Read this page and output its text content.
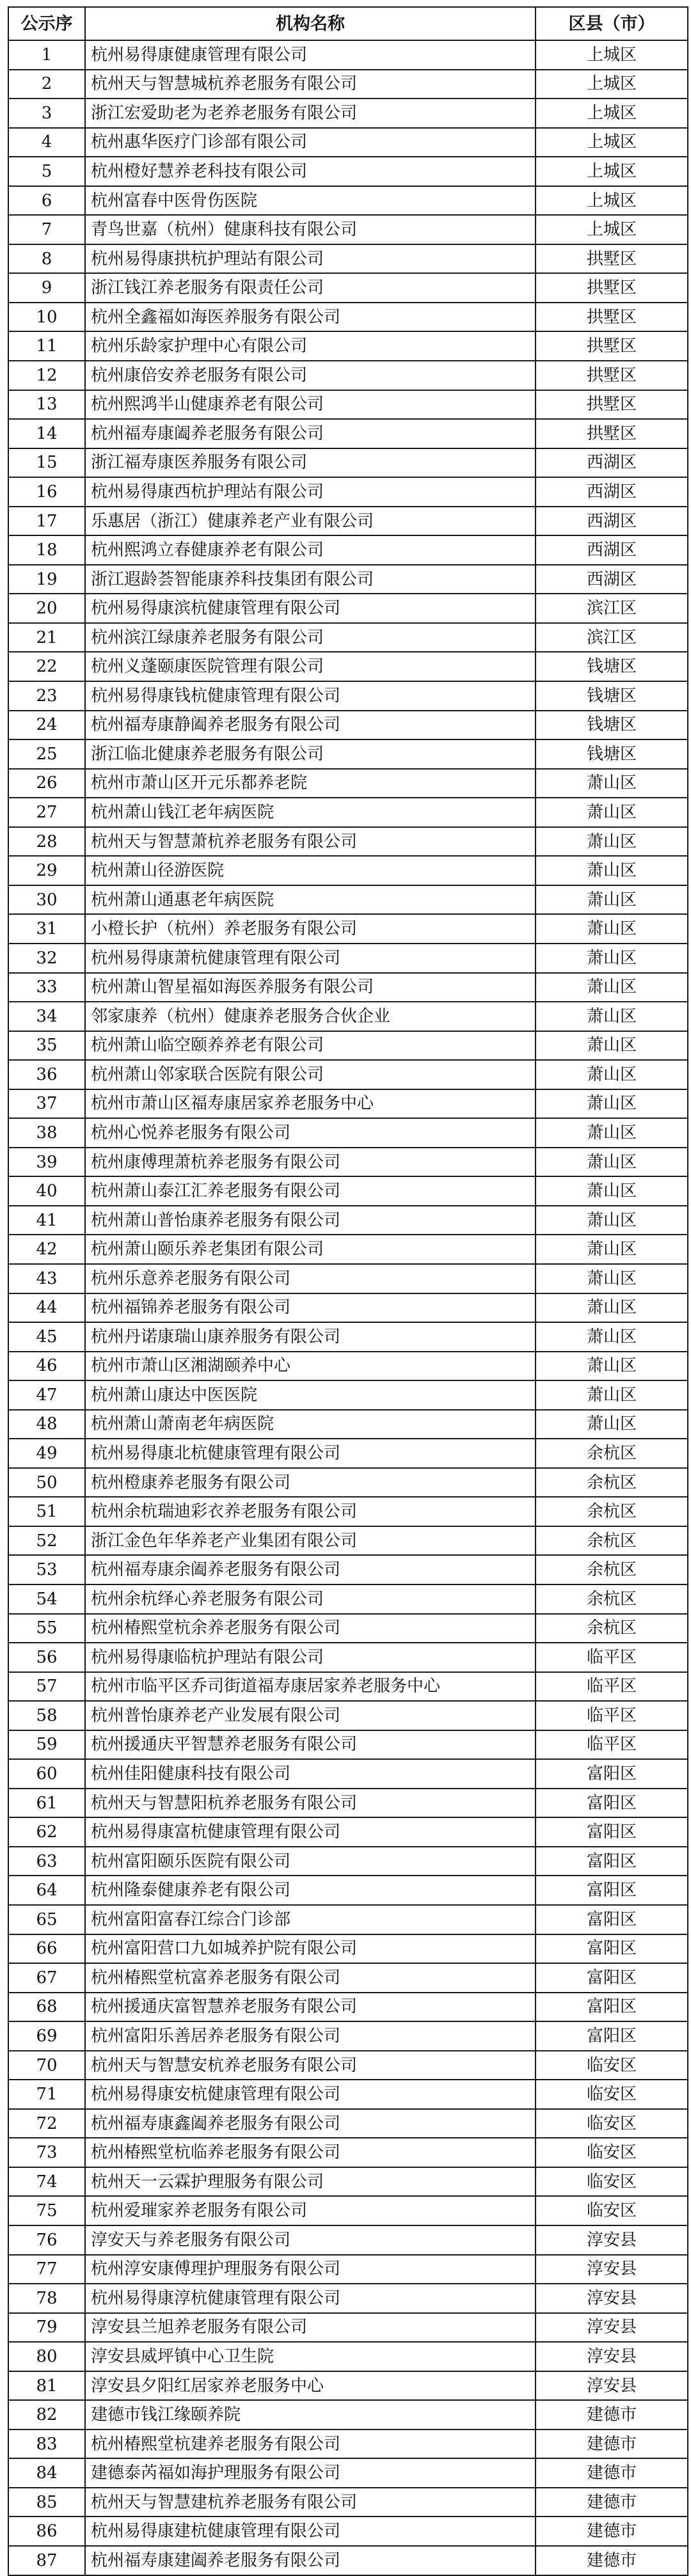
公示序	机构名称	区县（市）
1	杭州易得康健康管理有限公司	上城区
2	杭州天与智慧城杭养老服务有限公司	上城区
3	浙江宏爱助老为老养老服务有限公司	上城区
4	杭州惠华医疗门诊部有限公司	上城区
5	杭州橙好慧养老科技有限公司	上城区
6	杭州富春中医骨伤医院	上城区
7	青鸟世嘉（杭州）健康科技有限公司	上城区
8	杭州易得康拱杭护理站有限公司	拱墅区
9	浙江钱江养老服务有限责任公司	拱墅区
10	杭州全鑫福如海医养服务有限公司	拱墅区
11	杭州乐龄家护理中心有限公司	拱墅区
12	杭州康倍安养老服务有限公司	拱墅区
13	杭州熙鸿半山健康养老有限公司	拱墅区
14	杭州福寿康阖养老服务有限公司	拱墅区
15	浙江福寿康医养服务有限公司	西湖区
16	杭州易得康西杭护理站有限公司	西湖区
17	乐惠居（浙江）健康养老产业有限公司	西湖区
18	杭州熙鸿立春健康养老有限公司	西湖区
19	浙江遐龄荟智能康养科技集团有限公司	西湖区
20	杭州易得康滨杭健康管理有限公司	滨江区
21	杭州滨江绿康养老服务有限公司	滨江区
22	杭州义蓬颐康医院管理有限公司	钱塘区
23	杭州易得康钱杭健康管理有限公司	钱塘区
24	杭州福寿康静阖养老服务有限公司	钱塘区
25	浙江临北健康养老服务有限公司	钱塘区
26	杭州市萧山区开元乐都养老院	萧山区
27	杭州萧山钱江老年病医院	萧山区
28	杭州天与智慧萧杭养老服务有限公司	萧山区
29	杭州萧山径游医院	萧山区
30	杭州萧山通惠老年病医院	萧山区
31	小橙长护（杭州）养老服务有限公司	萧山区
32	杭州易得康萧杭健康管理有限公司	萧山区
33	杭州萧山智星福如海医养服务有限公司	萧山区
34	邻家康养（杭州）健康养老服务合伙企业	萧山区
35	杭州萧山临空颐养养老有限公司	萧山区
36	杭州萧山邻家联合医院有限公司	萧山区
37	杭州市萧山区福寿康居家养老服务中心	萧山区
38	杭州心悦养老服务有限公司	萧山区
39	杭州康傅理萧杭养老服务有限公司	萧山区
40	杭州萧山泰江汇养老服务有限公司	萧山区
41	杭州萧山普怡康养老服务有限公司	萧山区
42	杭州萧山颐乐养老集团有限公司	萧山区
43	杭州乐意养老服务有限公司	萧山区
44	杭州福锦养老服务有限公司	萧山区
45	杭州丹诺康瑞山康养服务有限公司	萧山区
46	杭州市萧山区湘湖颐养中心	萧山区
47	杭州萧山康达中医医院	萧山区
48	杭州萧山萧南老年病医院	萧山区
49	杭州易得康北杭健康管理有限公司	余杭区
50	杭州橙康养老服务有限公司	余杭区
51	杭州余杭瑞迪彩衣养老服务有限公司	余杭区
52	浙江金色年华养老产业集团有限公司	余杭区
53	杭州福寿康余阖养老服务有限公司	余杭区
54	杭州余杭绎心养老服务有限公司	余杭区
55	杭州椿熙堂杭余养老服务有限公司	余杭区
56	杭州易得康临杭护理站有限公司	临平区
57	杭州市临平区乔司街道福寿康居家养老服务中心	临平区
58	杭州普怡康养老产业发展有限公司	临平区
59	杭州援通庆平智慧养老服务有限公司	临平区
60	杭州佳阳健康科技有限公司	富阳区
61	杭州天与智慧阳杭养老服务有限公司	富阳区
62	杭州易得康富杭健康管理有限公司	富阳区
63	杭州富阳颐乐医院有限公司	富阳区
64	杭州隆泰健康养老有限公司	富阳区
65	杭州富阳富春江综合门诊部	富阳区
66	杭州富阳营口九如城养护院有限公司	富阳区
67	杭州椿熙堂杭富养老服务有限公司	富阳区
68	杭州援通庆富智慧养老服务有限公司	富阳区
69	杭州富阳乐善居养老服务有限公司	富阳区
70	杭州天与智慧安杭养老服务有限公司	临安区
71	杭州易得康安杭健康管理有限公司	临安区
72	杭州福寿康鑫阖养老服务有限公司	临安区
73	杭州椿熙堂杭临养老服务有限公司	临安区
74	杭州天一云霖护理服务有限公司	临安区
75	杭州爱璀家养老服务有限公司	临安区
76	淳安天与养老服务有限公司	淳安县
77	杭州淳安康傅理护理服务有限公司	淳安县
78	杭州易得康淳杭健康管理有限公司	淳安县
79	淳安县兰旭养老服务有限公司	淳安县
80	淳安县威坪镇中心卫生院	淳安县
81	淳安县夕阳红居家养老服务中心	淳安县
82	建德市钱江缘颐养院	建德市
83	杭州椿熙堂杭建养老服务有限公司	建德市
84	建德泰芮福如海护理服务有限公司	建德市
85	杭州天与智慧建杭养老服务有限公司	建德市
86	杭州易得康建杭健康管理有限公司	建德市
87	杭州福寿康建阖养老服务有限公司	建德市
